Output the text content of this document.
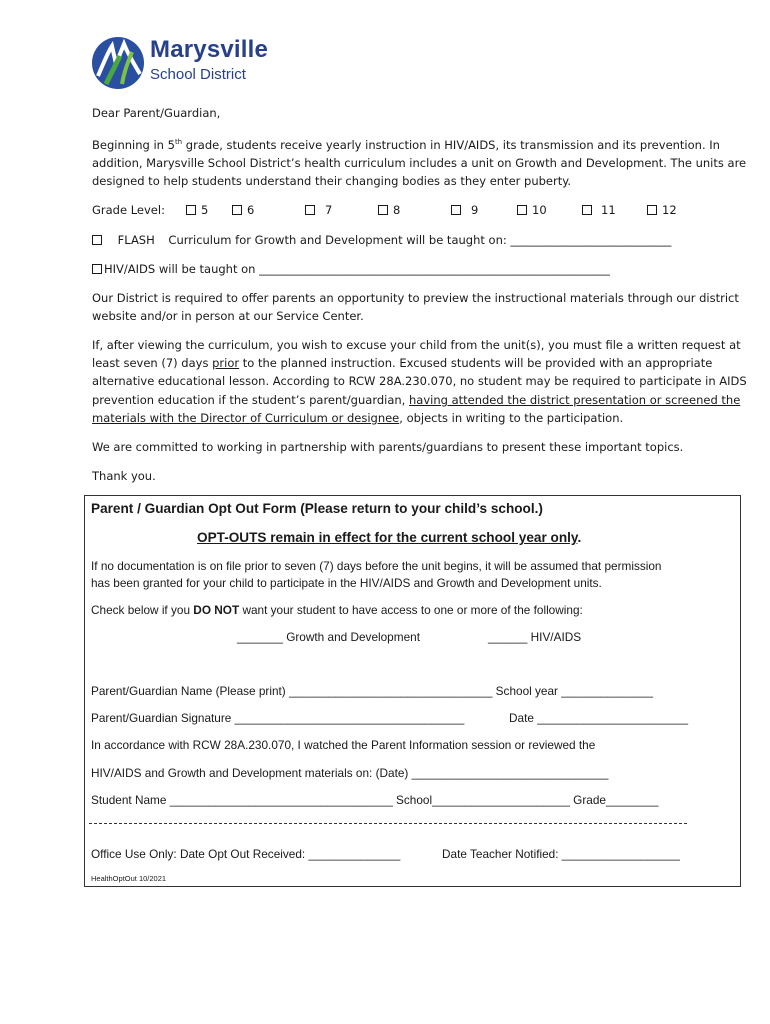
Marysville
School District
Dear Parent/Guardian,
Beginning in 5th grade, students receive yearly instruction in HIV/AIDS, its transmission and its prevention. In
addition, Marysville School District’s health curriculum includes a unit on Growth and Development. The units are
designed to help students understand their changing bodies as they enter puberty.
Grade Level:	5	6	7	8	9	10	11	12
FLASH Curriculum for Growth and Development will be taught on: ____________________________
HIV/AIDS will be taught on _____________________________________________________________
Our District is required to offer parents an opportunity to preview the instructional materials through our district
website and/or in person at our Service Center.
If, after viewing the curriculum, you wish to excuse your child from the unit(s), you must file a written request at
least seven (7) days prior to the planned instruction. Excused students will be provided with an appropriate
alternative educational lesson. According to RCW 28A.230.070, no student may be required to participate in AIDS
prevention education if the student’s parent/guardian, having attended the district presentation or screened the
materials with the Director of Curriculum or designee, objects in writing to the participation.
We are committed to working in partnership with parents/guardians to present these important topics.
Thank you.
Parent / Guardian Opt Out Form (Please return to your child’s school.)
OPT-OUTS remain in effect for the current school year only.
If no documentation is on file prior to seven (7) days before the unit begins, it will be assumed that permission
has been granted for your child to participate in the HIV/AIDS and Growth and Development units.
Check below if you DO NOT want your student to have access to one or more of the following:
_______ Growth and Development	______ HIV/AIDS
Parent/Guardian Name (Please print) _______________________________ School year ______________
Parent/Guardian Signature ___________________________________	Date _______________________
In accordance with RCW 28A.230.070, I watched the Parent Information session or reviewed the
HIV/AIDS and Growth and Development materials on: (Date) ______________________________
Student Name __________________________________ School_____________________ Grade________
Office Use Only: Date Opt Out Received: ______________	Date Teacher Notified: __________________
HealthOptOut 10/2021
